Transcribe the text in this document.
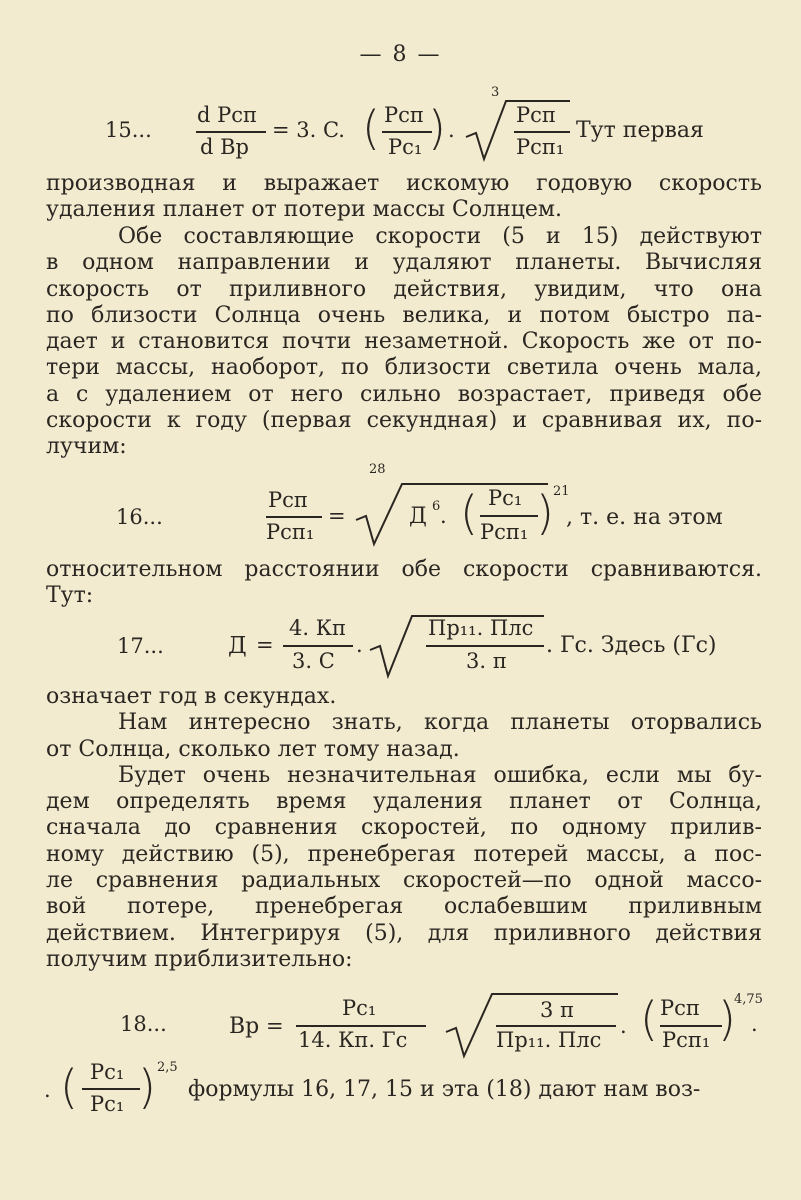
— 8 —
15...
d Рсп
d Вр
= 3. C. ( Рсп
Рс₁ ) .
3
Рсп
Рсп₁
Тут первая
производная и выражает искомую годовую скорость
удаления планет от потери массы Солнцем.
Обе составляющие скорости (5 и 15) действуют
в одном направлении и удаляют планеты. Вычисляя
скорость от приливного действия, увидим, что она
по близости Солнца очень велика, и потом быстро па-
дает и становится почти незаметной. Скорость же от по-
тери массы, наоборот, по близости светила очень мала,
а с удалением от него сильно возрастает, приведя обе
скорости к году (первая секундная) и сравнивая их, по-
лучим:
16...
Рсп
Рсп₁
=
28
Д 6 . ( Рс₁
Рсп₁ ) 21
, т. е. на этом
относительном расстоянии обе скорости сравниваются.
Тут:
17...	Д =
4. Кп
3. C
.
Пр₁₁. Плс
3. π
. Гс. Здесь (Гс)
означает год в секундах.
Нам интересно знать, когда планеты оторвались
от Солнца, сколько лет тому назад.
Будет очень незначительная ошибка, если мы бу-
дем определять время удаления планет от Солнца,
сначала до сравнения скоростей, по одному прилив-
ному действию (5), пренебрегая потерей массы, а пос-
ле сравнения радиальных скоростей—по одной массо-
вой потере, пренебрегая ослабевшим приливным
действием. Интегрируя (5), для приливного действия
получим приблизительно:
18...	Вр =
Рс₁
14. Кп. Гс
3 π
Пр₁₁. Плс
. ( Рсп
Рсп₁ )
4,75
.
. ( Рс₁
Рс₁ ) 2,5
формулы 16, 17, 15 и эта (18) дают нам воз-
